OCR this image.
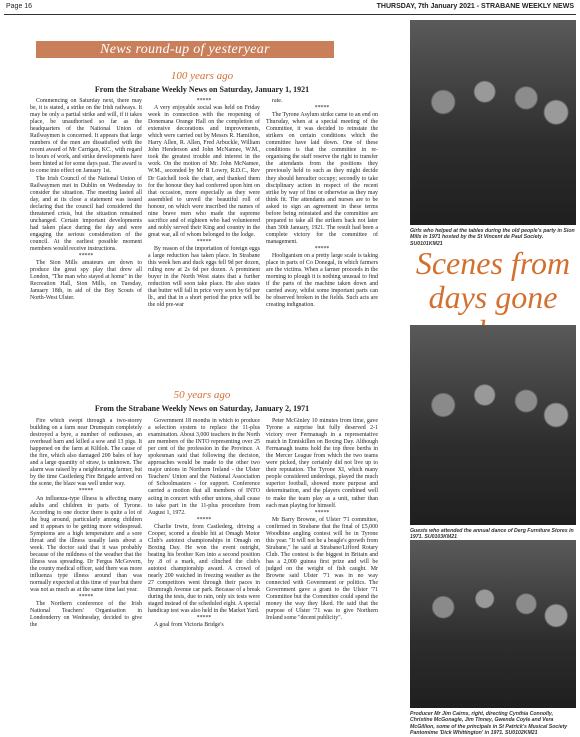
Page 16	THURSDAY, 7th January 2021 - STRABANE WEEKLY NEWS
News round-up of yesteryear
100 years ago
From the Strabane Weekly News on Saturday, January 1, 1921

Commencing on Saturday next, there may be, it is stated, a strike on the Irish railways. It may be only a partial strike and will, if it takes place, be unauthorised so far as the headquarters of the National Union of Railwaymen is concerned. It appears that large numbers of the men are dissatisfied with the recent award of Mr Carrigan, KC., with regard to hours of work, and strike developments have been hinted at for some days past. The award is to come into effect on January 1st.

The Irish Council of the National Union of Railwaymen met in Dublin on Wednesday to consider the situation. The meeting lasted all day, and at its close a statement was issued declaring that the council had considered the threatened crisis, but the situation remained unchanged. Certain important developments had taken place during the day and were engaging the serious consideration of the council. At the earliest possible moment members would receive instructions.

*****

The Sion Mills amateurs are down to produce the great spy play that drew all London, "The man who stayed at home" in the Recreation Hall, Sion Mills, on Tuesday, January 18th, in aid of the Boy Scouts of North-West Ulster.

*****

A very enjoyable social was held on Friday week in connection with the reopening of Donemana Orange Hall on the completion of extensive decorations and improvements, which were carried out by Messrs R. Hamilton, Harry Allen, R. Allen, Fred Arbuckle, William John Henderson and John McNamee, W.M., took the greatest trouble and interest in the work. On the motion of Mr. John McNamee, W.M., seconded by Mr R Lowry, R.D.C., Rev Dr Gatchell took the chair, and thanked them for the honour they had conferred upon him on that occasion, more especially as they were assembled to unveil the beautiful roll of honour, on which were inscribed the names of nine brave men who made the supreme sacrifice and of eighteen who had volunteered and nobly served their King and country in the great war, all of whom belonged to the lodge.

*****

By reason of the importation of foreign eggs a large reduction has taken place. In Strabane this week hen and duck eggs fell 9d per dozen, ruling now at 2s 6d per dozen. A prominent buyer in the North West states that a further reduction will soon take place. He also states that butter will fall in price very soon by 6d per lb., and that in a short period the price will be the old pre-war

rate.

*****

The Tyrone Asylum strike came to an end on Thursday, when at a special meeting of the Committee, it was decided to reinstate the strikers on certain conditions which the committee have laid down. One of these conditions is that the committee in re-organising the staff reserve the right to transfer the attendants from the positions they previously held to such as they might decide they should hereafter occupy; secondly to take disciplinary action in respect of the recent strike by way of fine or otherwise as they may think fit. The attendants and nurses are to be asked to sign an agreement in these terms before being reinstated and the committee are prepared to take all the strikers back not later than 30th January, 1921. The result had been a complete victory for the committee of management.

*****

Hooliganism on a pretty large scale is taking place in parts of Co Donegal, in which farmers are the victims. When a farmer proceeds in the morning to plough it is nothing unusual to find if the parts of the machine taken down and carried away, whilst some important parts can be observed broken in the fields. Such acts are creating indignation.

50 years ago
From the Strabane Weekly News on Saturday, January 2, 1971

Fire which swept through a two-storey building on a farm near Drumquin completely destroyed a byre, a number of outhouses, an overhead barn and killed a sow and 13 pigs. It happened on the farm at Kiltloh. The cause of the fire, which also damaged 200 bales of hay and a large quantity of straw, is unknown. The alarm was raised by a neighbouring farmer, but by the time Castlederg Fire Brigade arrived on the scene, the blaze was well under way.

*****

An influenza-type illness is affecting many adults and children in parts of Tyrone. According to one doctor there is quite a lot of the bug around, particularly among children and it appears to be getting more widespread. Symptoms are a high temperature and a sore throat and the illness usually lasts about a week. The doctor said that it was probably because of the mildness of the weather that the illness was spreading. Dr Fergus McGovern, the county medical officer, said there was more influenza type illness around than was normally expected at this time of year but there was not as much as at the same time last year.

*****

The Northern conference of the Irish National Teachers' Organisation in Londonderry on Wednesday, decided to give the

Government 18 months in which to produce a selection system to replace the 11-plus examination. About 3,000 teachers in the North are members of the INTO representing over 25 per cent of the profession in the Province. A spokesman said that following the decision, approaches would be made to the other two major unions in Northern Ireland - the Ulster Teachers' Union and the National Association of Schoolmasters - for support. Conference carried a motion that all members of INTO acting in concert with other unions, shall cease to take part in the 11-plus procedure from August 1, 1972.

*****

Charlie Irwin, from Castlederg, driving a Cooper, scored a double hit at Omagh Motor Club's autotest championships in Omagh on Boxing Day. He won the event outright, beating his brother Ken into a second position by .8 of a mark, and clinched the club's autotest championship award. A crowd of nearly 200 watched in freezing weather as the 27 competitors went through their paces in Drumragh Avenue car park. Because of a break during the tests, due to rain, only six tests were staged instead of the scheduled eight. A special handicap test was also held in the Market Yard.

*****

A goal from Victoria Bridge's

Peter McGinley 10 minutes from time, gave Tyrone a surprise but fully deserved 2-1 victory over Fermanagh in a representative match in Enniskillen on Boxing Day. Although Fermanagh teams hold the top three berths in the Mercer League from which the two teams were picked, they certainly did not live up to their reputation. The Tyrone XI, which many people considered underdogs, played the much superior football, showed more purpose and determination, and the players combined well to make the team play as a unit, rather than each man playing for himself.

*****

Mr Barry Browne, of Ulster '71 committee, confirmed in Strabane that the final of £5,000 Woodbine angling contest will be in Tyrone this year. "It will not be a beagle's growth from Strabane," he said at Strabane/Lifford Rotary Club. The contest is the biggest in Britain and has a 2,000 guinea first prize and will be judged on the weight of fish caught. Mr Browne said Ulster '71 was in no way connected with Government or politics. The Government gave a grant to the Ulster '71 Committee but the Committee could spend the money the way they liked. He said that the purpose of Ulster '71 was to give Northern Ireland some "decent publicity".

Girls who helped at the tables during the old people's party in Sion Mills in 1971 hosted by the St Vincent de Paul Society. SU0101KM21
Scenes from days gone
Guests who attended the annual dance of Derg Furniture Stores in 1971. SU0103KM21
Producer Mr Jim Cairns, right, directing Cynthia Connolly, Christine McGonagle, Jim Tinney, Gwenda Coyle and Vera McGillion, some of the principals in St Patrick's Musical Society Pantomime 'Dick Whittington' in 1971. SU0102KM21
